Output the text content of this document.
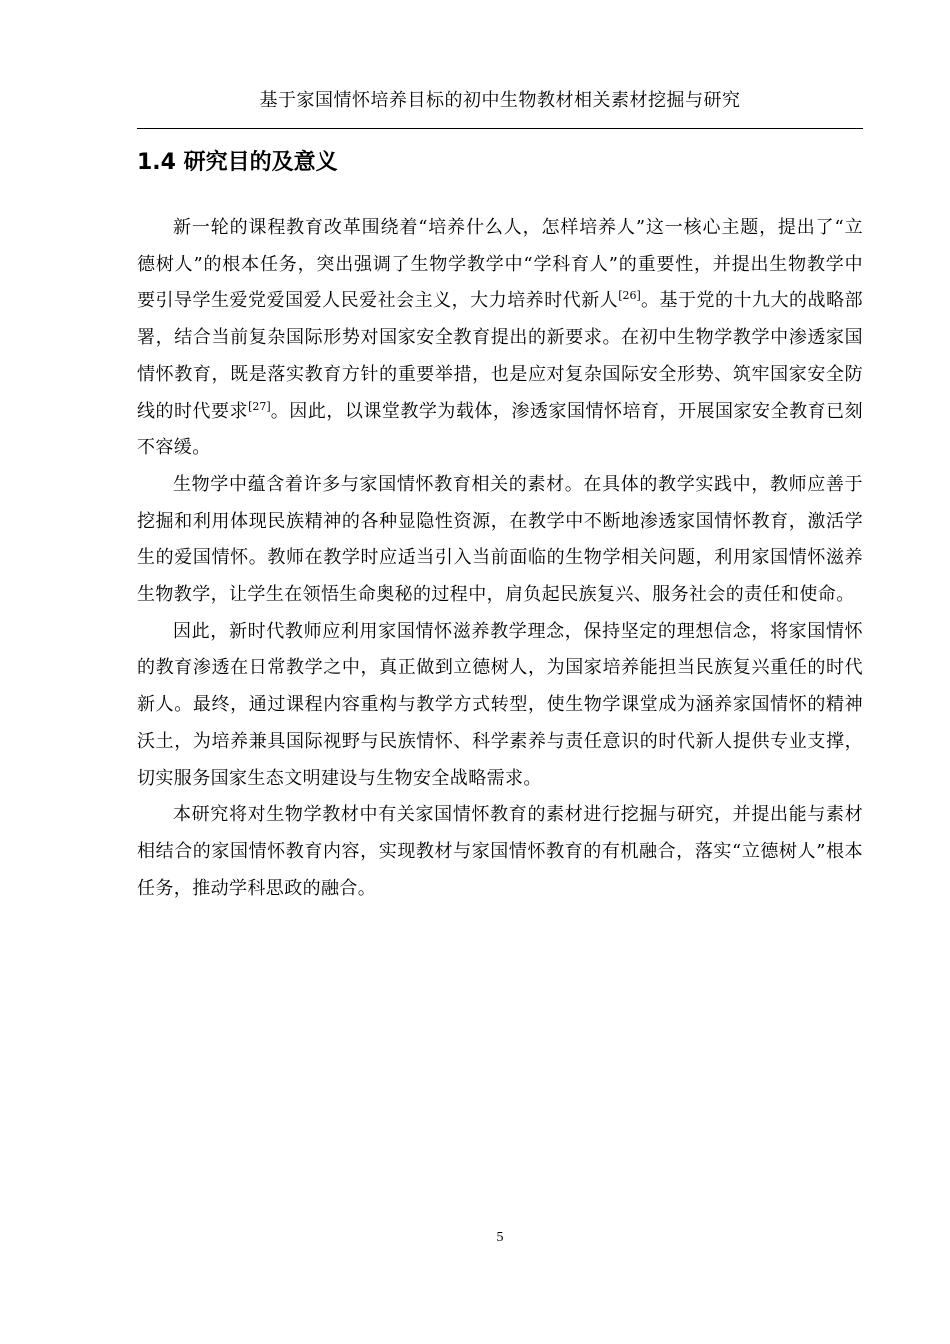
基于家国情怀培养目标的初中生物教材相关素材挖掘与研究
1.4 研究目的及意义

新一轮的课程教育改革围绕着“培养什么人，怎样培养人”这一核心主题，提出了“立德树人”的根本任务，突出强调了生物学教学中“学科育人”的重要性，并提出生物教学中要引导学生爱党爱国爱人民爱社会主义，大力培养时代新人[26]。基于党的十九大的战略部署，结合当前复杂国际形势对国家安全教育提出的新要求。在初中生物学教学中渗透家国情怀教育，既是落实教育方针的重要举措，也是应对复杂国际安全形势、筑牢国家安全防线的时代要求[27]。因此，以课堂教学为载体，渗透家国情怀培育，开展国家安全教育已刻不容缓。

生物学中蕴含着许多与家国情怀教育相关的素材。在具体的教学实践中，教师应善于挖掘和利用体现民族精神的各种显隐性资源，在教学中不断地渗透家国情怀教育，激活学生的爱国情怀。教师在教学时应适当引入当前面临的生物学相关问题，利用家国情怀滋养生物教学，让学生在领悟生命奥秘的过程中，肩负起民族复兴、服务社会的责任和使命。

因此，新时代教师应利用家国情怀滋养教学理念，保持坚定的理想信念，将家国情怀的教育渗透在日常教学之中，真正做到立德树人，为国家培养能担当民族复兴重任的时代新人。最终，通过课程内容重构与教学方式转型，使生物学课堂成为涵养家国情怀的精神沃土，为培养兼具国际视野与民族情怀、科学素养与责任意识的时代新人提供专业支撑，切实服务国家生态文明建设与生物安全战略需求。

本研究将对生物学教材中有关家国情怀教育的素材进行挖掘与研究，并提出能与素材相结合的家国情怀教育内容，实现教材与家国情怀教育的有机融合，落实“立德树人”根本任务，推动学科思政的融合。

5
